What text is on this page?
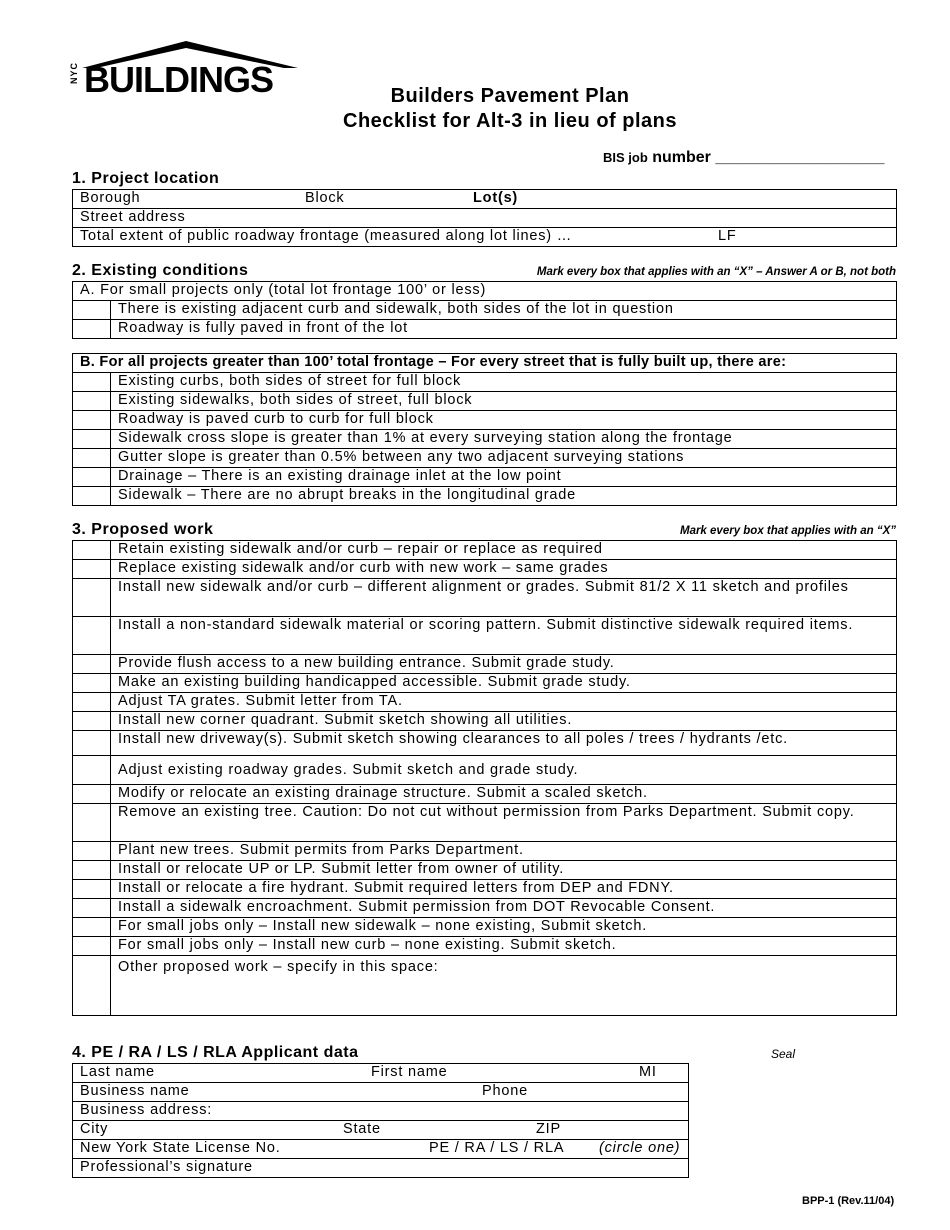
NYC BUILDINGS	Builders Pavement Plan
Checklist for Alt-3 in lieu of plans
BIS job number ___________________
1. Project location
Borough	Block	Lot(s)

Street address
Total extent of public roadway frontage (measured along lot lines) …	LF
2. Existing conditions	Mark every box that applies with an “X” – Answer A or B, not both
A. For small projects only (total lot frontage 100’ or less)	
	There is existing adjacent curb and sidewalk, both sides of the lot in question
	Roadway is fully paved in front of the lot
B. For all projects greater than 100’ total frontage – For every street that is fully built up, there are:	
	Existing curbs, both sides of street for full block
	Existing sidewalks, both sides of street, full block
	Roadway is paved curb to curb for full block
	Sidewalk cross slope is greater than 1% at every surveying station along the frontage
	Gutter slope is greater than 0.5% between any two adjacent surveying stations
	Drainage – There is an existing drainage inlet at the low point
	Sidewalk – There are no abrupt breaks in the longitudinal grade
3. Proposed work	Mark every box that applies with an “X”
	Retain existing sidewalk and/or curb – repair or replace as required
	Replace existing sidewalk and/or curb with new work – same grades
	Install new sidewalk and/or curb – different alignment or grades. Submit 81/2 X 11 sketch and profiles
	Install a non-standard sidewalk material or scoring pattern. Submit distinctive sidewalk required items.
	Provide flush access to a new building entrance. Submit grade study.
	Make an existing building handicapped accessible. Submit grade study.
	Adjust TA grates. Submit letter from TA.
	Install new corner quadrant. Submit sketch showing all utilities.
	Install new driveway(s). Submit sketch showing clearances to all poles / trees / hydrants /etc.
	Adjust existing roadway grades. Submit sketch and grade study.
	Modify or relocate an existing drainage structure. Submit a scaled sketch.
	Remove an existing tree. Caution: Do not cut without permission from Parks Department. Submit copy.
	Plant new trees. Submit permits from Parks Department.
	Install or relocate UP or LP. Submit letter from owner of utility.
	Install or relocate a fire hydrant. Submit required letters from DEP and FDNY.
	Install a sidewalk encroachment. Submit permission from DOT Revocable Consent.
	For small jobs only – Install new sidewalk – none existing, Submit sketch.
	For small jobs only – Install new curb – none existing. Submit sketch.
	Other proposed work – specify in this space:
4. PE / RA / LS / RLA Applicant data	Seal
Last name	First name	MI

Business name	Phone

Business address:
City	State	ZIP

New York State License No.	PE / RA / LS / RLA (circle one)

Professional’s signature
BPP-1 (Rev.11/04)
